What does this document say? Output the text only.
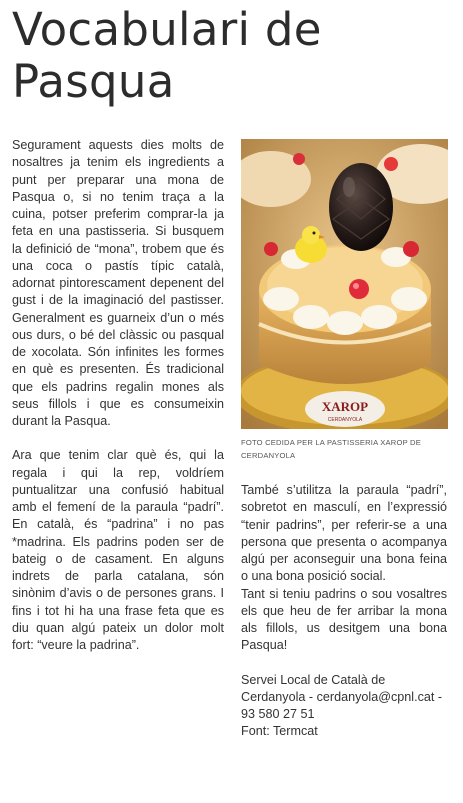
Vocabulari de Pasqua

Segurament aquests dies molts de nosaltres ja tenim els ingredients a punt per preparar una mona de Pasqua o, si no tenim traça a la cuina, potser preferim comprar-la ja feta en una pastisseria. Si busquem la definició de “mona”, trobem que és una coca o pastís típic català, adornat pintorescament depenent del gust i de la imaginació del pastisser. Generalment es guarneix d’un o més ous durs, o bé del clàssic ou pasqual de xocolata. Són infinites les formes en què es presenten. És tradicional que els padrins regalin mones als seus fillols i que es consumeixin durant la Pasqua.

Ara que tenim clar què és, qui la regala i qui la rep, voldríem puntualitzar una confusió habitual amb el femení de la paraula “padrí”. En català, és “padrina” i no pas *madrina. Els padrins poden ser de bateig o de casament. En alguns indrets de parla catalana, són sinònim d’avis o de persones grans. I fins i tot hi ha una frase feta que es diu quan algú pateix un dolor molt fort: “veure la padrina”.

XAROP
CERDANYOLA
FOTO CEDIDA PER LA PASTISSERIA XAROP DE CERDANYOLA

També s’utilitza la paraula “padrí”, sobretot en masculí, en l’expressió “tenir padrins”, per referir-se a una persona que presenta o acompanya algú per aconseguir una bona feina o una bona posició social.

Tant si teniu padrins o sou vosaltres els que heu de fer arribar la mona als fillols, us desitgem una bona Pasqua!

Servei Local de Català de Cerdanyola - cerdanyola@cpnl.cat - 93 580 27 51

Font: Termcat
